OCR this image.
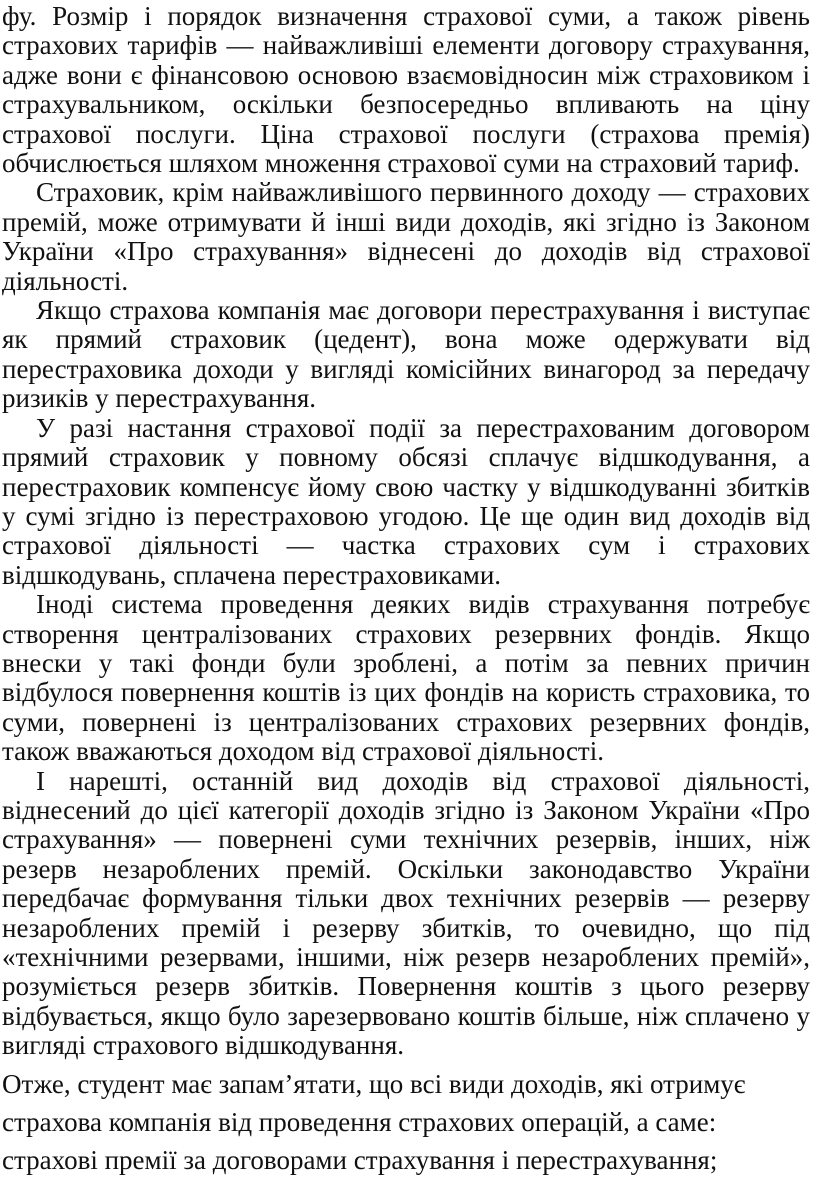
фу. Розмір і порядок визначення страхової суми, а також рівень страхових тарифів — найважливіші елементи договору страхування, адже вони є фінансовою основою взаємовідносин між страховиком і страхувальником, оскільки безпосередньо впливають на ціну страхової послуги. Ціна страхової послуги (страхова премія) обчислюється шляхом множення страхової суми на страховий тариф.

Страховик, крім найважливішого первинного доходу — страхових премій, може отримувати й інші види доходів, які згідно із Законом України «Про страхування» віднесені до доходів від страхової діяльності.

Якщо страхова компанія має договори перестрахування і виступає як прямий страховик (цедент), вона може одержувати від перестраховика доходи у вигляді комісійних винагород за передачу ризиків у перестрахування.

У разі настання страхової події за перестрахованим договором прямий страховик у повному обсязі сплачує відшкодування, а перестраховик компенсує йому свою частку у відшкодуванні збитків у сумі згідно із перестраховою угодою. Це ще один вид доходів від страхової діяльності — частка страхових сум і страхових відшкодувань, сплачена перестраховиками.

Іноді система проведення деяких видів страхування потребує створення централізованих страхових резервних фондів. Якщо внески у такі фонди були зроблені, а потім за певних причин відбулося повернення коштів із цих фондів на користь страховика, то суми, повернені із централізованих страхових резервних фондів, також вважаються доходом від страхової діяльності.

І нарешті, останній вид доходів від страхової діяльності, віднесений до цієї категорії доходів згідно із Законом України «Про страхування» — повернені суми технічних резервів, інших, ніж резерв незароблених премій. Оскільки законодавство України передбачає формування тільки двох технічних резервів — резерву незароблених премій і резерву збитків, то очевидно, що під «технічними резервами, іншими, ніж резерв незароблених премій», розуміється резерв збитків. Повернення коштів з цього резерву відбувається, якщо було зарезервовано коштів більше, ніж сплачено у вигляді страхового відшкодування.

Отже, студент має запам’ятати, що всі види доходів, які отримує
страхова компанія від проведення страхових операцій, а саме:
страхові премії за договорами страхування і перестрахування;
